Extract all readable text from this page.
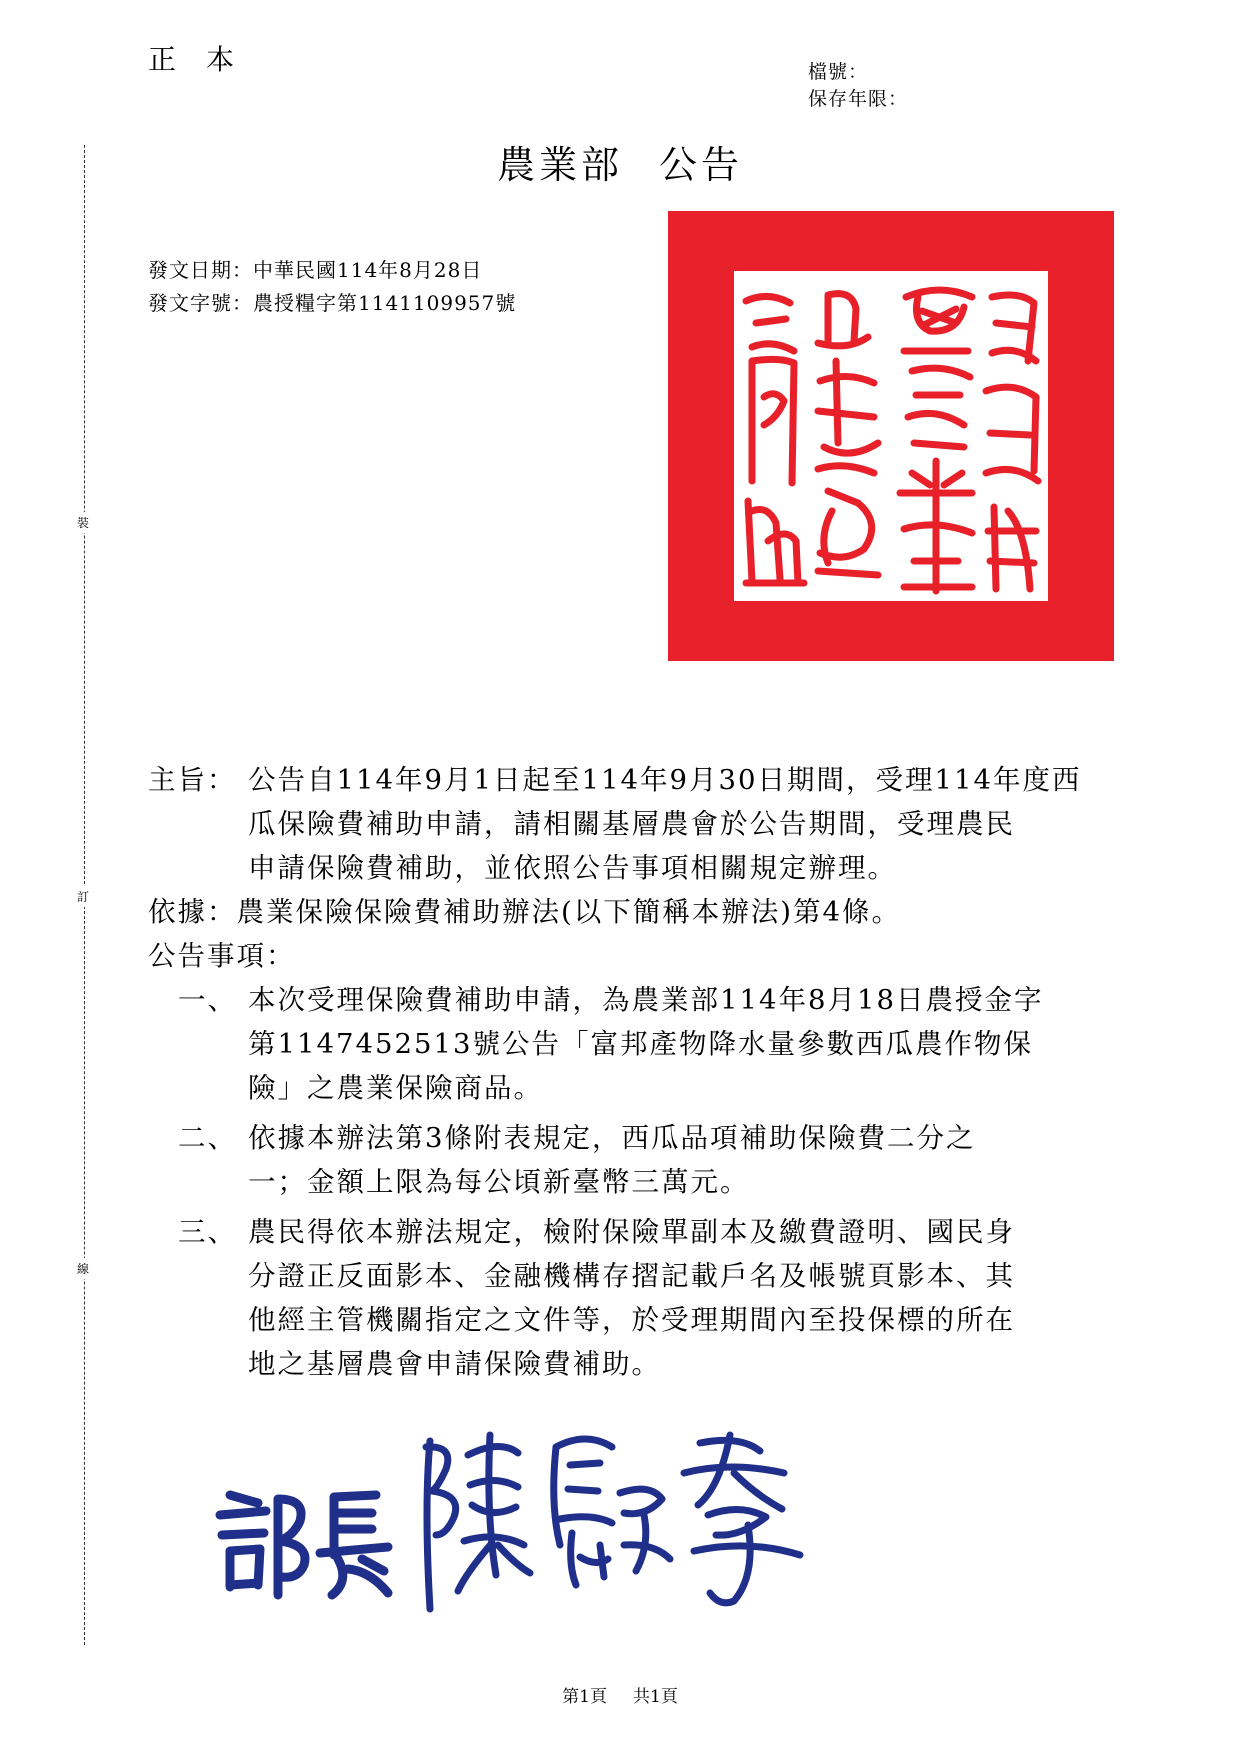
正本	檔號：
保存年限：
裝
訂
線
農業部 公告
發文日期：中華民國114年8月28日
發文字號：農授糧字第1141109957號
主旨： 公告自114年9月1日起至114年9月30日期間，受理114年度西
瓜保險費補助申請，請相關基層農會於公告期間，受理農民
申請保險費補助，並依照公告事項相關規定辦理。
依據：農業保險保險費補助辦法(以下簡稱本辦法)第4條。
公告事項：
一、 本次受理保險費補助申請，為農業部114年8月18日農授金字
第1147452513號公告「富邦產物降水量參數西瓜農作物保
險」之農業保險商品。
二、 依據本辦法第3條附表規定，西瓜品項補助保險費二分之
一；金額上限為每公頃新臺幣三萬元。
三、 農民得依本辦法規定，檢附保險單副本及繳費證明、國民身
分證正反面影本、金融機構存摺記載戶名及帳號頁影本、其
他經主管機關指定之文件等，於受理期間內至投保標的所在
地之基層農會申請保險費補助。
第1頁 共1頁
